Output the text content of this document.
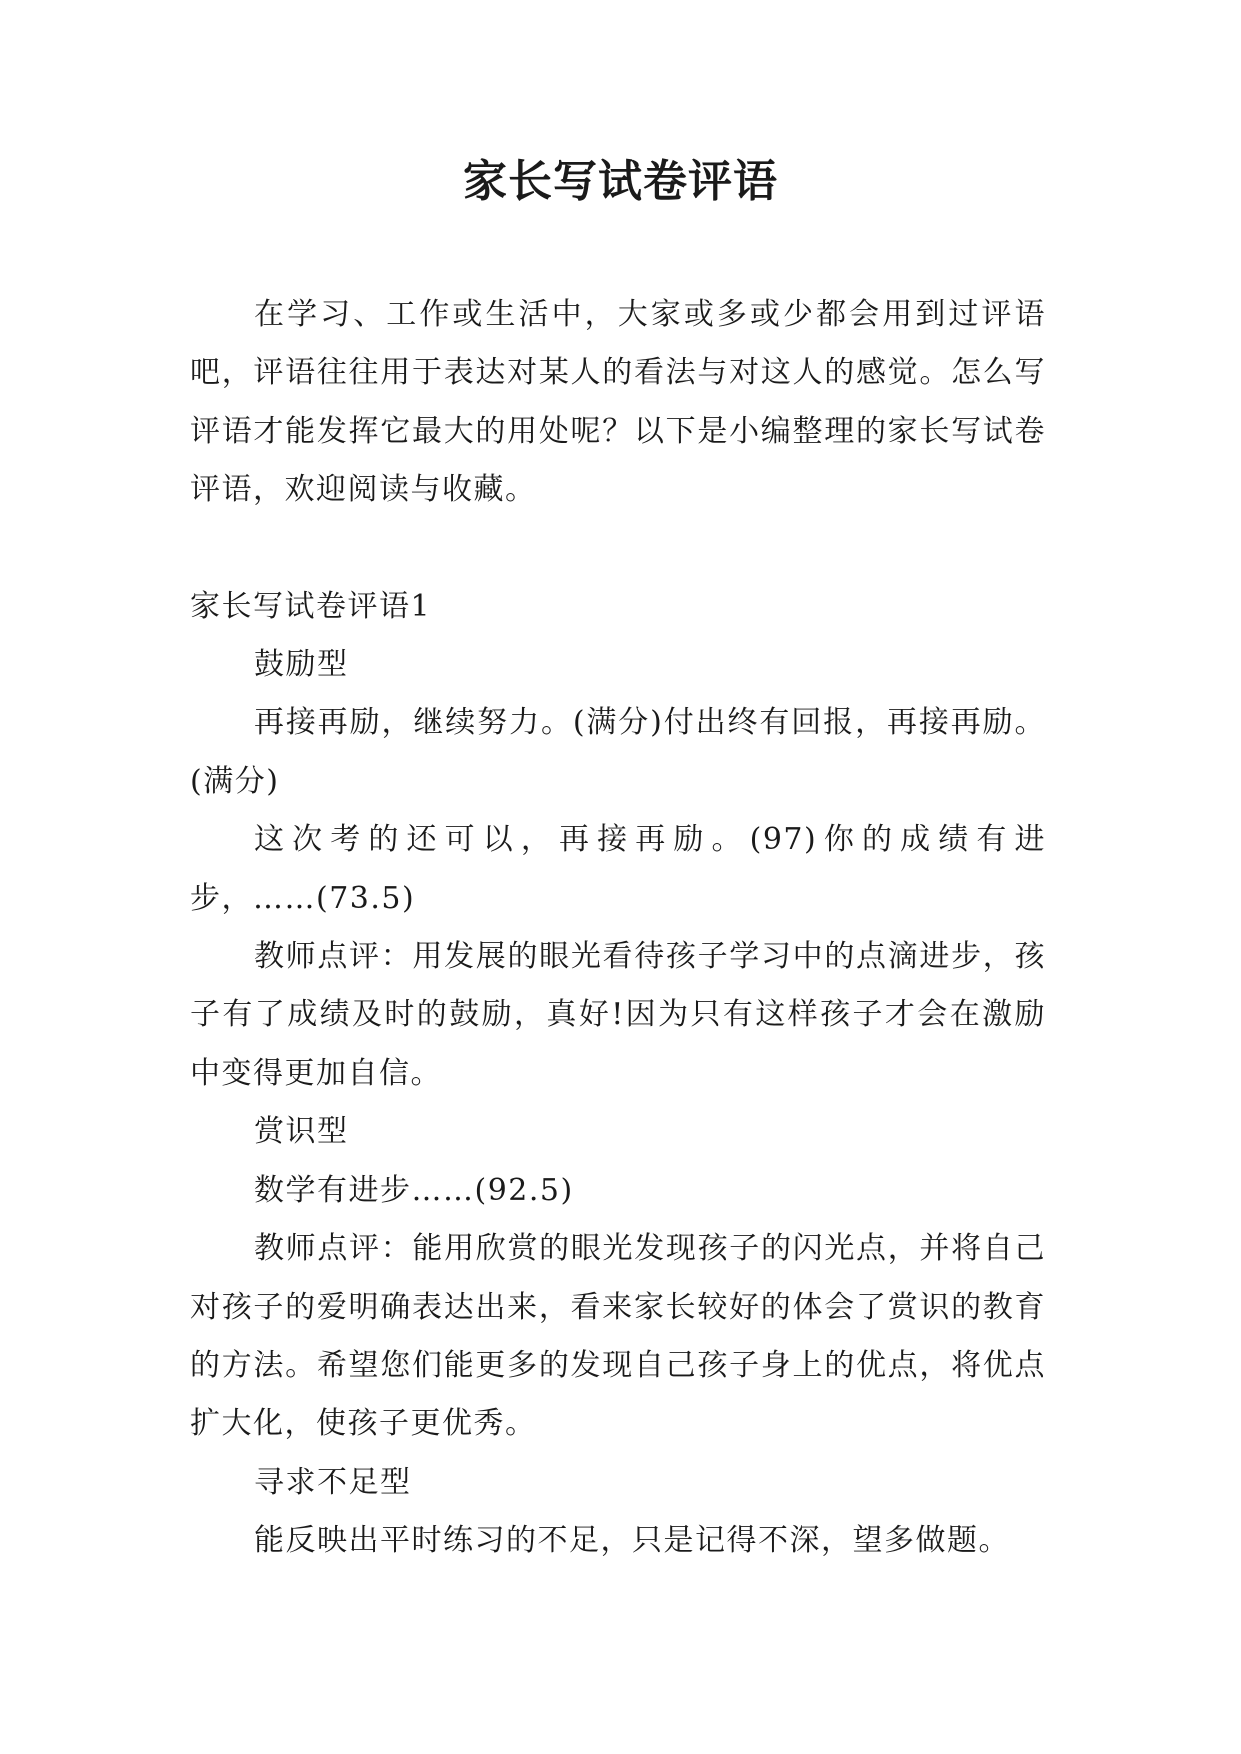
家长写试卷评语

在学习、工作或生活中，大家或多或少都会用到过评语吧，评语往往用于表达对某人的看法与对这人的感觉。怎么写评语才能发挥它最大的用处呢？以下是小编整理的家长写试卷评语，欢迎阅读与收藏。

家长写试卷评语1

鼓励型

再接再励，继续努力。(满分)付出终有回报，再接再励。(满分)

这次考的还可以，再接再励。(97)你的成绩有进步，……(73.5)

教师点评：用发展的眼光看待孩子学习中的点滴进步，孩子有了成绩及时的鼓励，真好!因为只有这样孩子才会在激励中变得更加自信。

赏识型

数学有进步……(92.5)

教师点评：能用欣赏的眼光发现孩子的闪光点，并将自己对孩子的爱明确表达出来，看来家长较好的体会了赏识的教育的方法。希望您们能更多的发现自己孩子身上的优点，将优点扩大化，使孩子更优秀。

寻求不足型

能反映出平时练习的不足，只是记得不深，望多做题。
